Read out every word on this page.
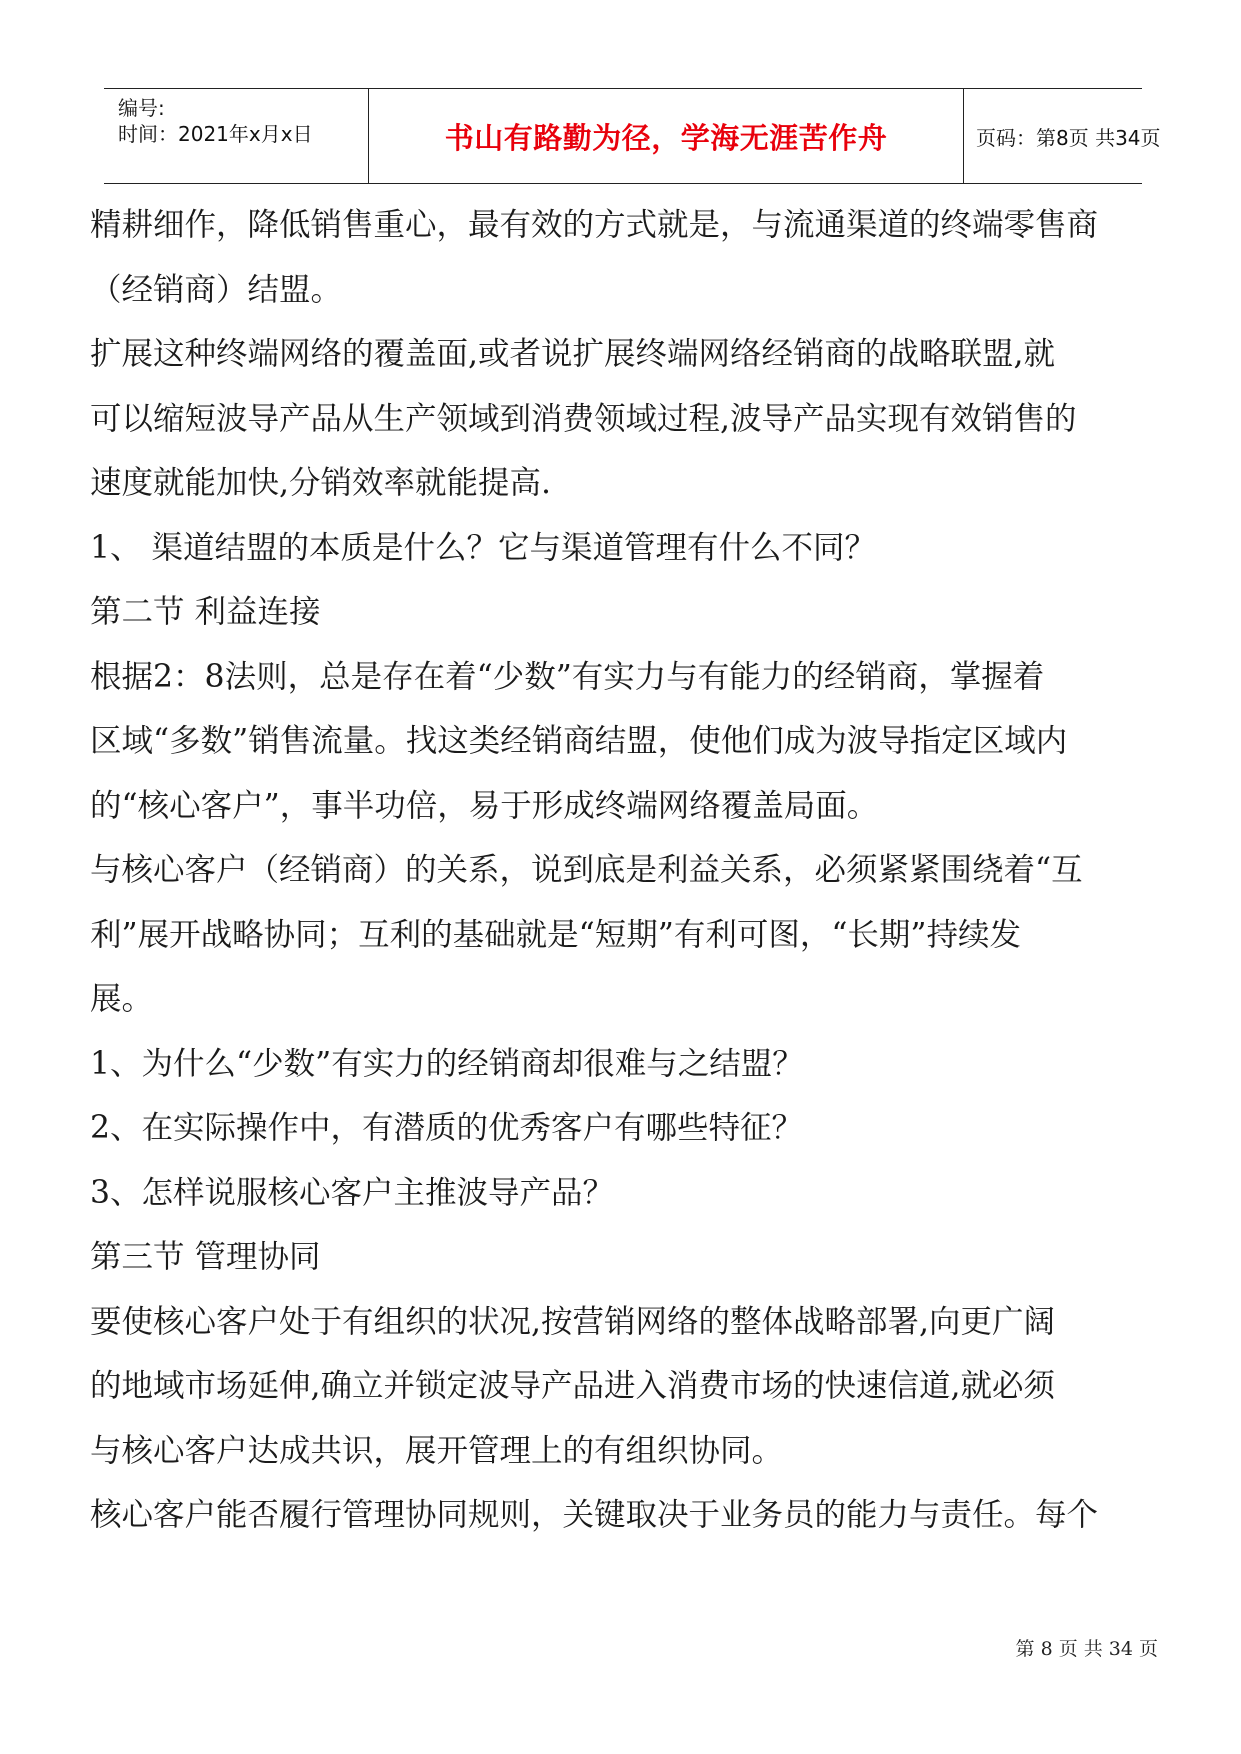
编号:
时间：2021年x月x日	书山有路勤为径，学海无涯苦作舟	页码：第8页 共34页

精耕细作，降低销售重心，最有效的方式就是，与流通渠道的终端零售商

（经销商）结盟。

扩展这种终端网络的覆盖面,或者说扩展终端网络经销商的战略联盟,就

可以缩短波导产品从生产领域到消费领域过程,波导产品实现有效销售的

速度就能加快,分销效率就能提高.

1、 渠道结盟的本质是什么？它与渠道管理有什么不同？

第二节 利益连接

根据2：8法则，总是存在着“少数”有实力与有能力的经销商，掌握着

区域“多数”销售流量。找这类经销商结盟，使他们成为波导指定区域内

的“核心客户”，事半功倍，易于形成终端网络覆盖局面。

与核心客户（经销商）的关系，说到底是利益关系，必须紧紧围绕着“互

利”展开战略协同；互利的基础就是“短期”有利可图，“长期”持续发

展。

1、为什么“少数”有实力的经销商却很难与之结盟？

2、在实际操作中，有潜质的优秀客户有哪些特征？

3、怎样说服核心客户主推波导产品？

第三节 管理协同

要使核心客户处于有组织的状况,按营销网络的整体战略部署,向更广阔

的地域市场延伸,确立并锁定波导产品进入消费市场的快速信道,就必须

与核心客户达成共识，展开管理上的有组织协同。

核心客户能否履行管理协同规则，关键取决于业务员的能力与责任。每个

第 8 页 共 34 页
